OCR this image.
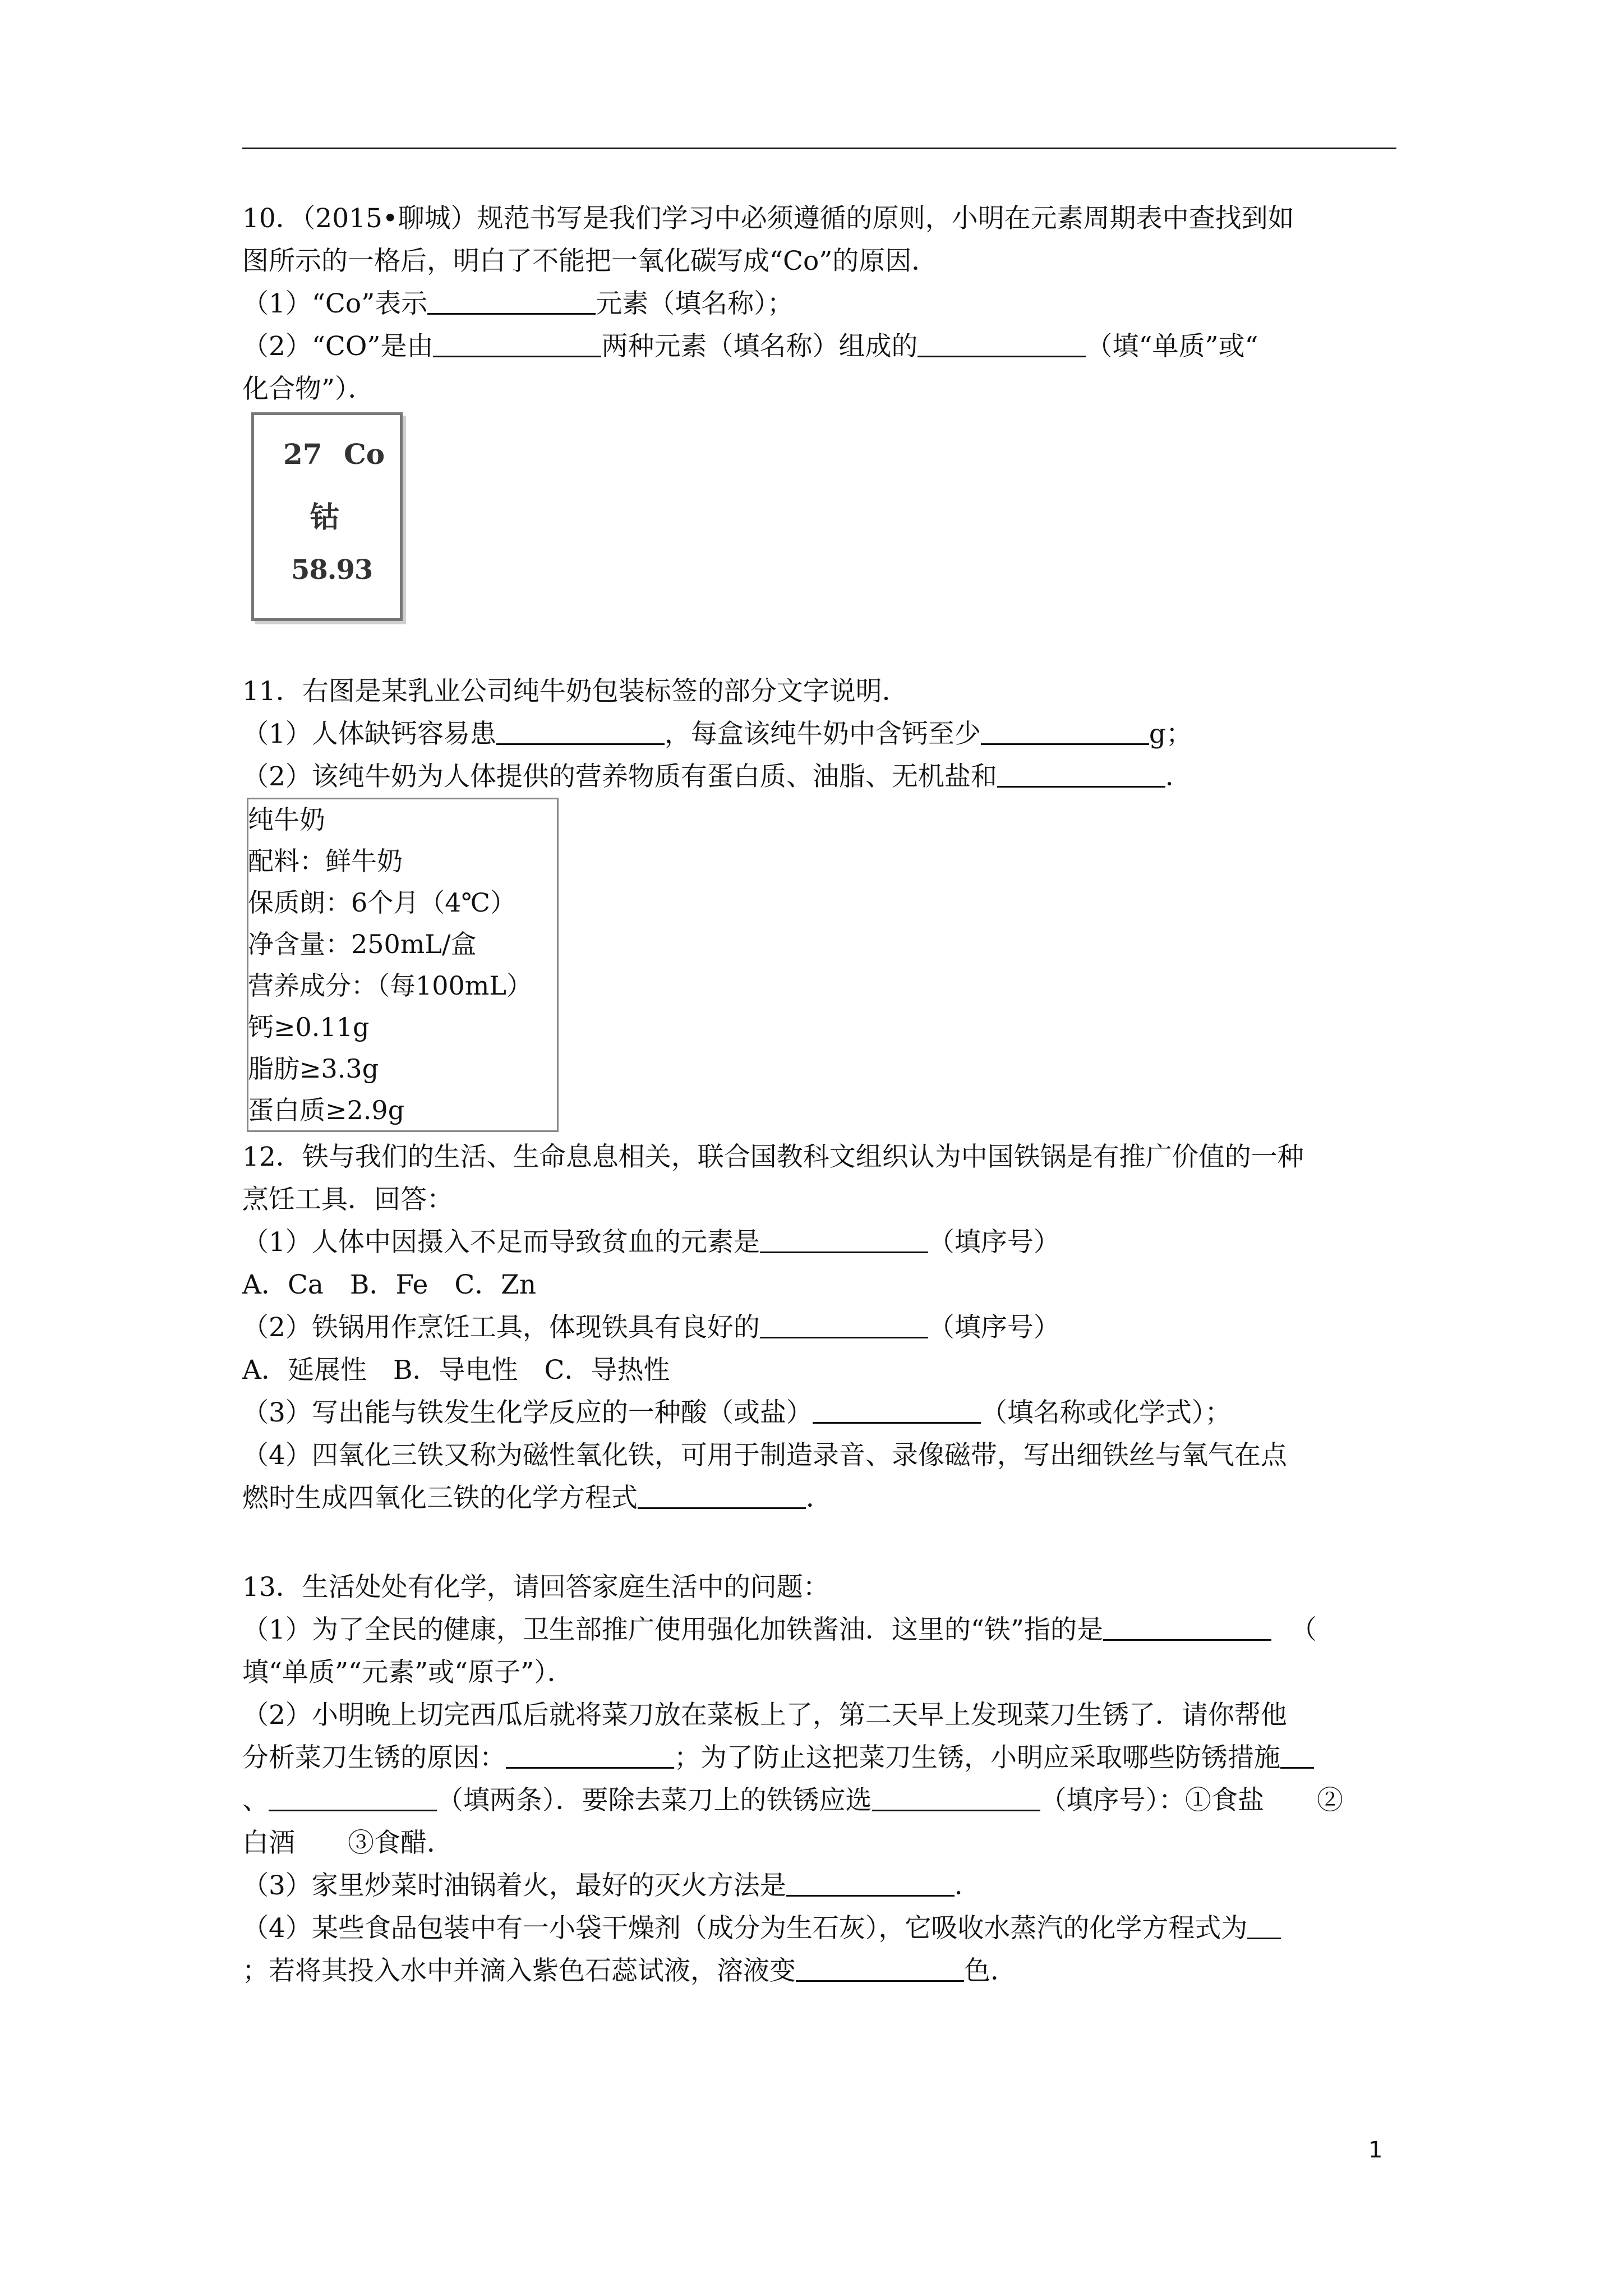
10．（2015•聊城）规范书写是我们学习中必须遵循的原则，小明在元素周期表中查找到如
图所示的一格后，明白了不能把一氧化碳写成“Co”的原因．
（1）“Co”表示	元素（填名称）；
（2）“CO”是由	两种元素（填名称）组成的	（填“单质”或“
化合物”）．
27 Co
钴
58.93
11．右图是某乳业公司纯牛奶包装标签的部分文字说明．
（1）人体缺钙容易患	，每盒该纯牛奶中含钙至少	g；
（2）该纯牛奶为人体提供的营养物质有蛋白质、油脂、无机盐和	．
纯牛奶
配料：鲜牛奶
保质朗：6个月（4℃）
净含量：250mL/盒
营养成分：（每100mL）
钙≥0.11g
脂肪≥3.3g
蛋白质≥2.9g
12．铁与我们的生活、生命息息相关，联合国教科文组织认为中国铁锅是有推广价值的一种
烹饪工具．回答：
（1）人体中因摄入不足而导致贫血的元素是	（填序号）
A．Ca　B．Fe　C．Zn
（2）铁锅用作烹饪工具，体现铁具有良好的	（填序号）
A．延展性　B．导电性　C．导热性
（3）写出能与铁发生化学反应的一种酸（或盐）	（填名称或化学式）；
（4）四氧化三铁又称为磁性氧化铁，可用于制造录音、录像磁带，写出细铁丝与氧气在点
燃时生成四氧化三铁的化学方程式	．
13．生活处处有化学，请回答家庭生活中的问题：
（1）为了全民的健康，卫生部推广使用强化加铁酱油．这里的“铁”指的是	（
填“单质”“元素”或“原子”）．
（2）小明晚上切完西瓜后就将菜刀放在菜板上了，第二天早上发现菜刀生锈了．请你帮他
分析菜刀生锈的原因：	；为了防止这把菜刀生锈，小明应采取哪些防锈措施
、	（填两条）．要除去菜刀上的铁锈应选	（填序号）：①食盐　　②
白酒　　③食醋．
（3）家里炒菜时油锅着火，最好的灭火方法是	．
（4）某些食品包装中有一小袋干燥剂（成分为生石灰），它吸收水蒸汽的化学方程式为
；若将其投入水中并滴入紫色石蕊试液，溶液变	色．
1
